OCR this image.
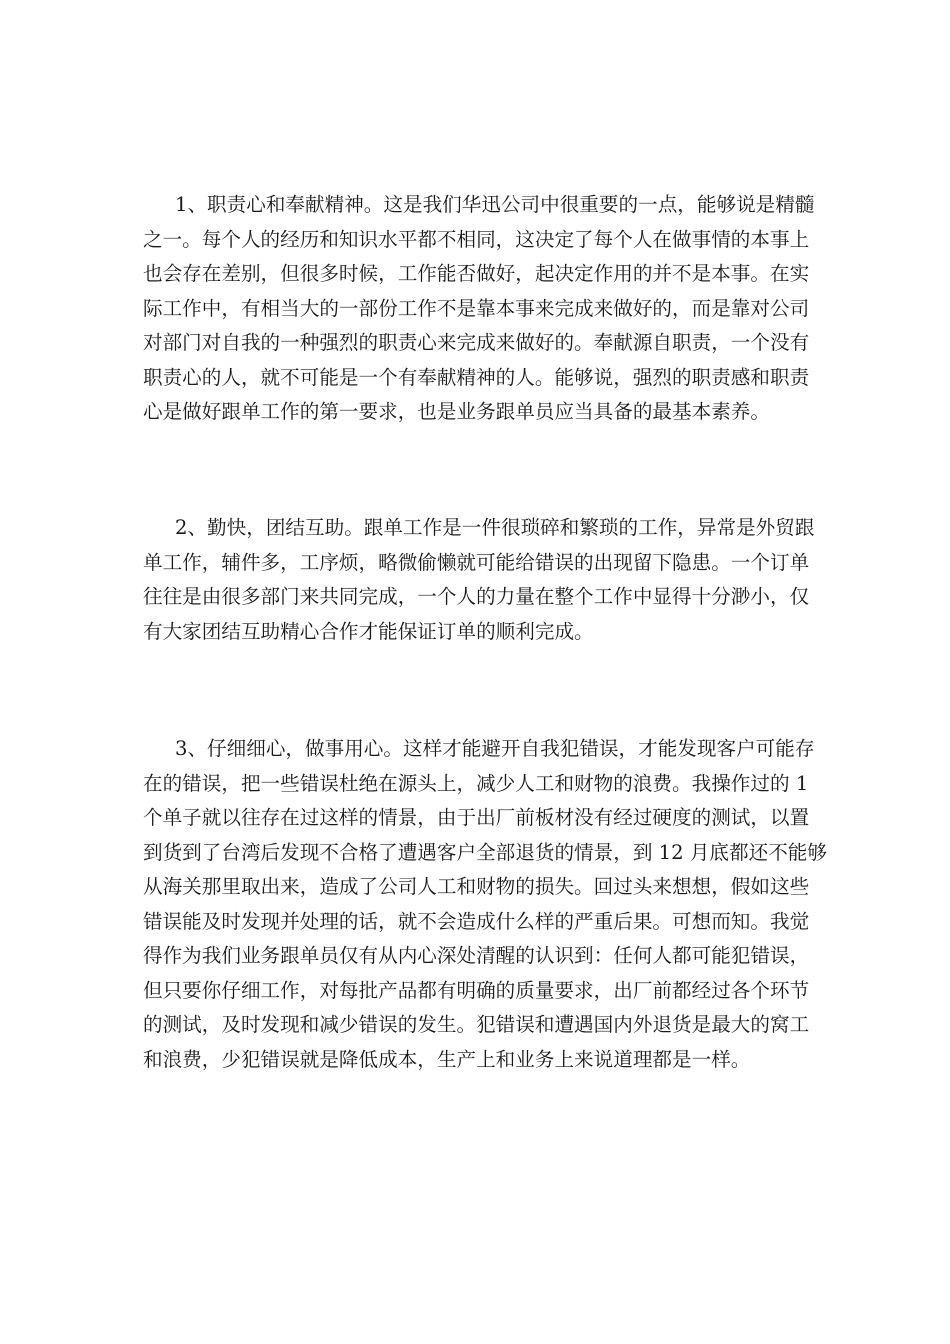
1、职责心和奉献精神。这是我们华迅公司中很重要的一点，能够说是精髓
之一。每个人的经历和知识水平都不相同，这决定了每个人在做事情的本事上
也会存在差别，但很多时候，工作能否做好，起决定作用的并不是本事。在实
际工作中，有相当大的一部份工作不是靠本事来完成来做好的，而是靠对公司
对部门对自我的一种强烈的职责心来完成来做好的。奉献源自职责，一个没有
职责心的人，就不可能是一个有奉献精神的人。能够说，强烈的职责感和职责
心是做好跟单工作的第一要求，也是业务跟单员应当具备的最基本素养。
2、勤快，团结互助。跟单工作是一件很琐碎和繁琐的工作，异常是外贸跟
单工作，辅件多，工序烦，略微偷懒就可能给错误的出现留下隐患。一个订单
往往是由很多部门来共同完成，一个人的力量在整个工作中显得十分渺小，仅
有大家团结互助精心合作才能保证订单的顺利完成。
3、仔细细心，做事用心。这样才能避开自我犯错误，才能发现客户可能存
在的错误，把一些错误杜绝在源头上，减少人工和财物的浪费。我操作过的 1
个单子就以往存在过这样的情景，由于出厂前板材没有经过硬度的测试，以置
到货到了台湾后发现不合格了遭遇客户全部退货的情景，到 12 月底都还不能够
从海关那里取出来，造成了公司人工和财物的损失。回过头来想想，假如这些
错误能及时发现并处理的话，就不会造成什么样的严重后果。可想而知。我觉
得作为我们业务跟单员仅有从内心深处清醒的认识到：任何人都可能犯错误，
但只要你仔细工作，对每批产品都有明确的质量要求，出厂前都经过各个环节
的测试，及时发现和减少错误的发生。犯错误和遭遇国内外退货是最大的窝工
和浪费，少犯错误就是降低成本，生产上和业务上来说道理都是一样。
